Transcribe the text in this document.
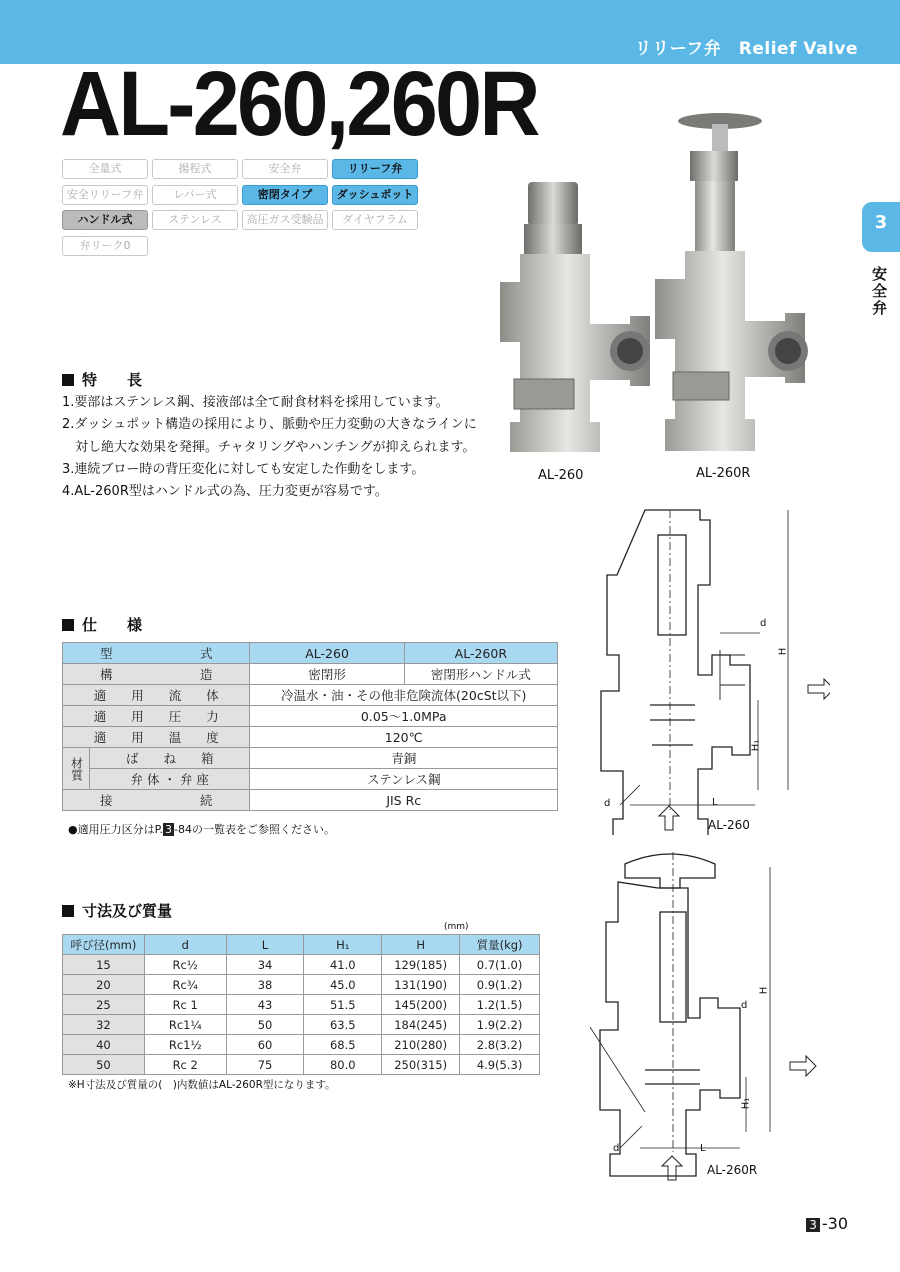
リリーフ弁　Relief Valve
AL-260,260R
全量式	揚程式	安全弁	リリーフ弁
安全リリーフ弁	レバー式	密閉タイプ	ダッシュポット
ハンドル式	ステンレス	高圧ガス受験品	ダイヤフラム
弁リーク0
3
安全弁
AL-260	AL-260R
特　　長
1.要部はステンレス鋼、接液部は全て耐食材料を採用しています。
2.ダッシュポット構造の採用により、脈動や圧力変動の大きなラインに
　対し絶大な効果を発揮。チャタリングやハンチングが抑えられます。
3.連続ブロー時の背圧変化に対しても安定した作動をします。
4.AL-260R型はハンドル式の為、圧力変更が容易です。
仕　　様
型　　　　　　　式		AL-260	AL-260R
構　　　　　　　造		密閉形	密閉形ハンドル式
適　　用　　流　　体		冷温水・油・その他非危険流体(20cSt以下)	
適　　用　　圧　　力		0.05～1.0MPa	
適　　用　　温　　度		120℃	
材質	ば　　ね　　箱	青銅	
	弁 体 ・ 弁 座	ステンレス鋼	
接　　　　　　　続		JIS Rc	
●適用圧力区分はP. 3 -84の一覧表をご参照ください。
寸法及び質量
(mm)
呼び径(mm)	d	L	H₁	H	質量(kg)
15	Rc½	34	41.0	129(185)	0.7(1.0)
20	Rc¾	38	45.0	131(190)	0.9(1.2)
25	Rc 1	43	51.5	145(200)	1.2(1.5)
32	Rc1¼	50	63.5	184(245)	1.9(2.2)
40	Rc1½	60	68.5	210(280)	2.8(3.2)
50	Rc 2	75	80.0	250(315)	4.9(5.3)
※H寸法及び質量の(　)内数値はAL-260R型になります。
d
H
H₁
L
d
AL-260
d
H
H₁
L
d
AL-260R
3 -30
